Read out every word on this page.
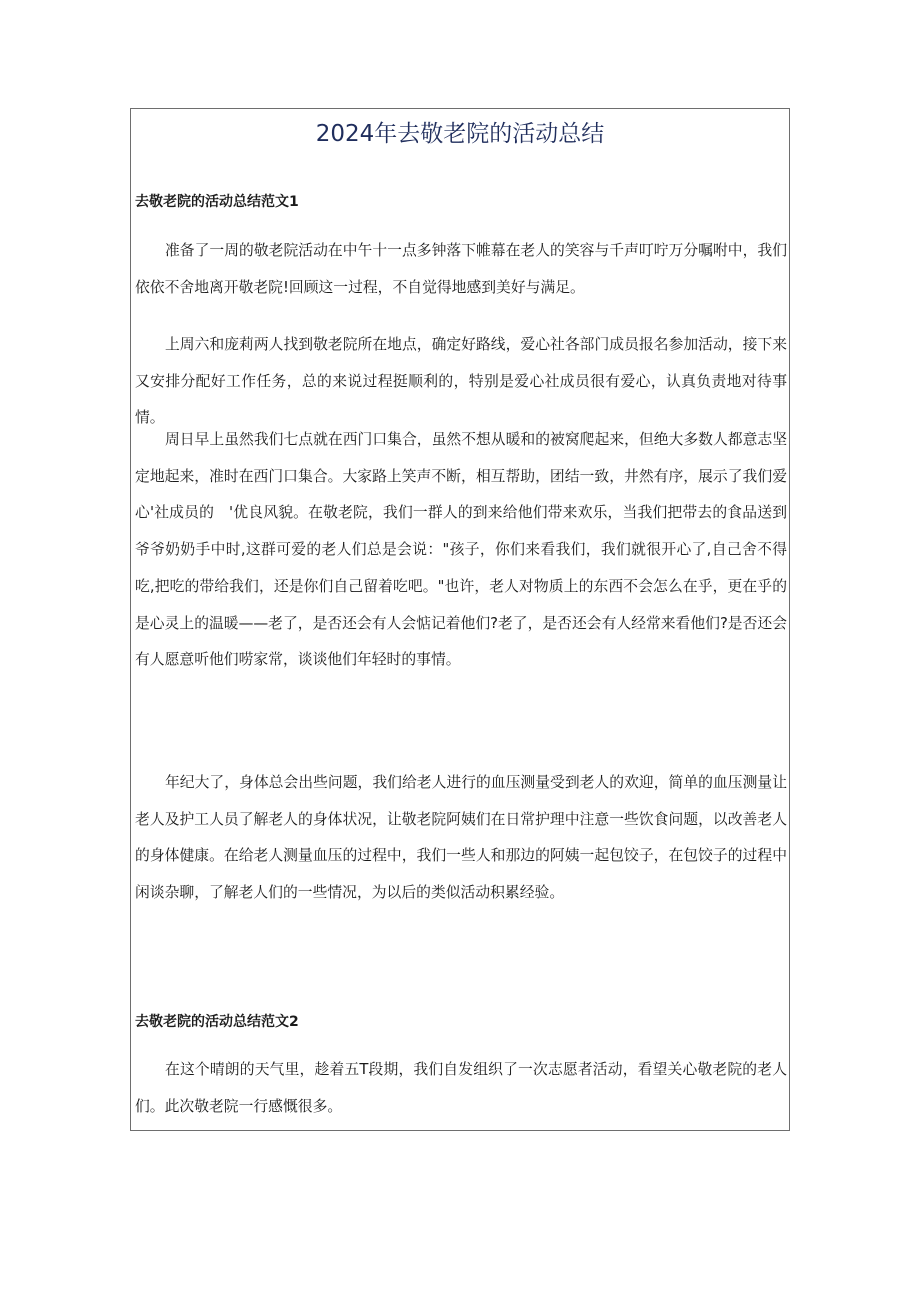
2024年去敬老院的活动总结
去敬老院的活动总结范文1

准备了一周的敬老院活动在中午十一点多钟落下帷幕在老人的笑容与千声叮咛万分嘱咐中，我们依依不舍地离开敬老院!回顾这一过程，不自觉得地感到美好与满足。

上周六和庞莉两人找到敬老院所在地点，确定好路线，爱心社各部门成员报名参加活动，接下来又安排分配好工作任务，总的来说过程挺顺利的，特别是爱心社成员很有爱心，认真负责地对待事情。

周日早上虽然我们七点就在西门口集合，虽然不想从暖和的被窝爬起来，但绝大多数人都意志坚定地起来，准时在西门口集合。大家路上笑声不断，相互帮助，团结一致，井然有序，展示了我们爱心'社成员的　'优良风貌。在敬老院，我们一群人的到来给他们带来欢乐，当我们把带去的食品送到爷爷奶奶手中时,这群可爱的老人们总是会说："孩子，你们来看我们，我们就很开心了,自己舍不得吃,把吃的带给我们，还是你们自己留着吃吧。"也许，老人对物质上的东西不会怎么在乎，更在乎的是心灵上的温暖——老了，是否还会有人会惦记着他们?老了，是否还会有人经常来看他们?是否还会有人愿意听他们唠家常，谈谈他们年轻时的事情。

年纪大了，身体总会出些问题，我们给老人进行的血压测量受到老人的欢迎，简单的血压测量让老人及护工人员了解老人的身体状况，让敬老院阿姨们在日常护理中注意一些饮食问题，以改善老人的身体健康。在给老人测量血压的过程中，我们一些人和那边的阿姨一起包饺子，在包饺子的过程中闲谈杂聊，了解老人们的一些情况，为以后的类似活动积累经验。

去敬老院的活动总结范文2

在这个晴朗的天气里，趁着五T段期，我们自发组织了一次志愿者活动，看望关心敬老院的老人们。此次敬老院一行感慨很多。
